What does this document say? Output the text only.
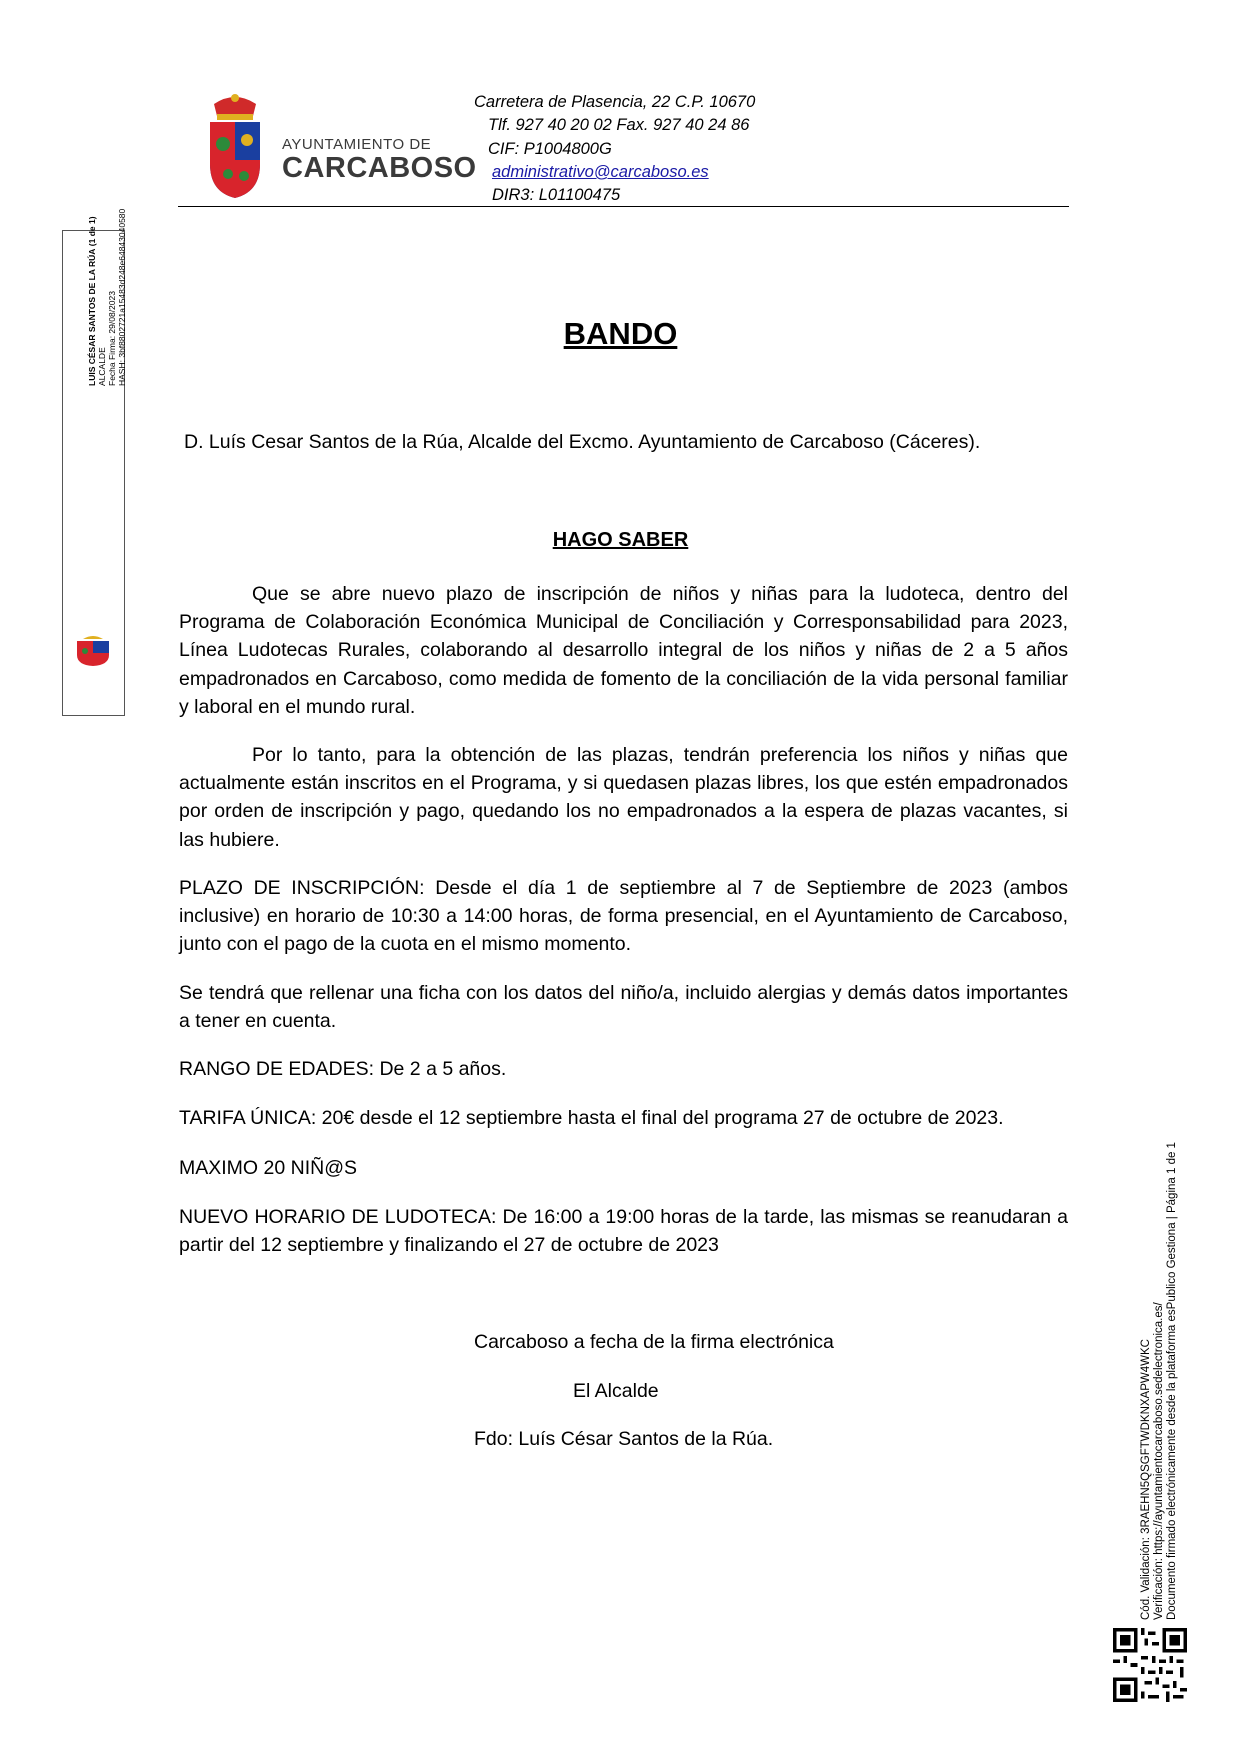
AYUNTAMIENTO DE
CARCABOSO
Carretera de Plasencia, 22 C.P. 10670
Tlf. 927 40 20 02 Fax. 927 40 24 86
CIF: P1004800G
administrativo@carcaboso.es
DIR3: L01100475
LUIS CÉSAR SANTOS DE LA RÚA (1 de 1)
ALCALDE Fecha Firma: 29/08/2023 HASH: 3bf8802721a15483d248e6484304058​0	BANDO
D. Luís Cesar Santos de la Rúa, Alcalde del Excmo. Ayuntamiento de Carcaboso (Cáceres).
HAGO SABER
Que se abre nuevo plazo de inscripción de niños y niñas para la ludoteca, dentro del Programa de Colaboración Económica Municipal de Conciliación y Corresponsabilidad para 2023, Línea Ludotecas Rurales, colaborando al desarrollo integral de los niños y niñas de 2 a 5 años empadronados en Carcaboso, como medida de fomento de la conciliación de la vida personal familiar y laboral en el mundo rural.
Por lo tanto, para la obtención de las plazas, tendrán preferencia los niños y niñas que actualmente están inscritos en el Programa, y si quedasen plazas libres, los que estén empadronados por orden de inscripción y pago, quedando los no empadronados a la espera de plazas vacantes, si las hubiere.
PLAZO DE INSCRIPCIÓN: Desde el día 1 de septiembre al 7 de Septiembre de 2023 (ambos inclusive) en horario de 10:30 a 14:00 horas, de forma presencial, en el Ayuntamiento de Carcaboso, junto con el pago de la cuota en el mismo momento.
Se tendrá que rellenar una ficha con los datos del niño/a, incluido alergias y demás datos importantes a tener en cuenta.
RANGO DE EDADES: De 2 a 5 años.
TARIFA ÚNICA: 20€ desde el 12 septiembre hasta el final del programa 27 de octubre de 2023.
MAXIMO 20 NIÑ@S
NUEVO HORARIO DE LUDOTECA: De 16:00 a 19:00 horas de la tarde, las mismas se reanudaran a partir del 12 septiembre y finalizando el 27 de octubre de 2023
Carcaboso a fecha de la firma electrónica
El Alcalde
Fdo: Luís César Santos de la Rúa.	Cód. Validación: 3RAEHN5QSGFTWDKNXAPW4WKC Verificación: https://ayuntamientocarcaboso.sedelectronica.es/ Documento firmado electrónicamente desde la plataforma esPublico Gestiona | Página 1 de 1
